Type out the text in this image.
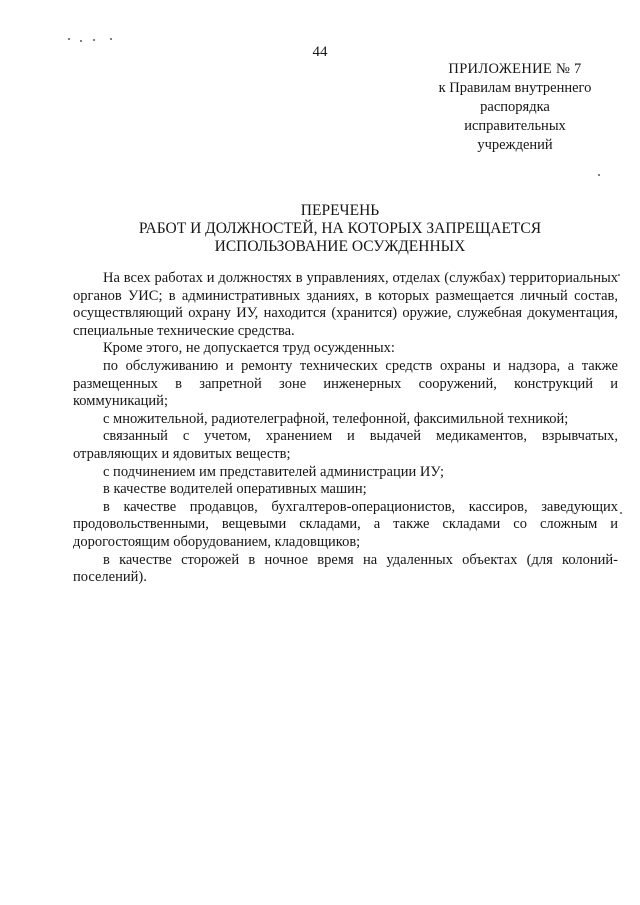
44
ПРИЛОЖЕНИЕ № 7
к Правилам внутреннего
распорядка
исправительных
учреждений
ПЕРЕЧЕНЬ
РАБОТ И ДОЛЖНОСТЕЙ, НА КОТОРЫХ ЗАПРЕЩАЕТСЯ
ИСПОЛЬЗОВАНИЕ ОСУЖДЕННЫХ

На всех работах и должностях в управлениях, отделах (службах) территориальных органов УИС; в административных зданиях, в которых размещается личный состав, осуществляющий охрану ИУ, находится (хранится) оружие, служебная документация, специальные технические средства.

Кроме этого, не допускается труд осужденных:

по обслуживанию и ремонту технических средств охраны и надзора, а также размещенных в запретной зоне инженерных сооружений, конструкций и коммуникаций;

с множительной, радиотелеграфной, телефонной, факсимильной техникой;

связанный с учетом, хранением и выдачей медикаментов, взрывчатых, отравляющих и ядовитых веществ;

с подчинением им представителей администрации ИУ;

в качестве водителей оперативных машин;

в качестве продавцов, бухгалтеров-операционистов, кассиров, заведующих продовольственными, вещевыми складами, а также складами со сложным и дорогостоящим оборудованием, кладовщиков;

в качестве сторожей в ночное время на удаленных объектах (для колоний-поселений).
